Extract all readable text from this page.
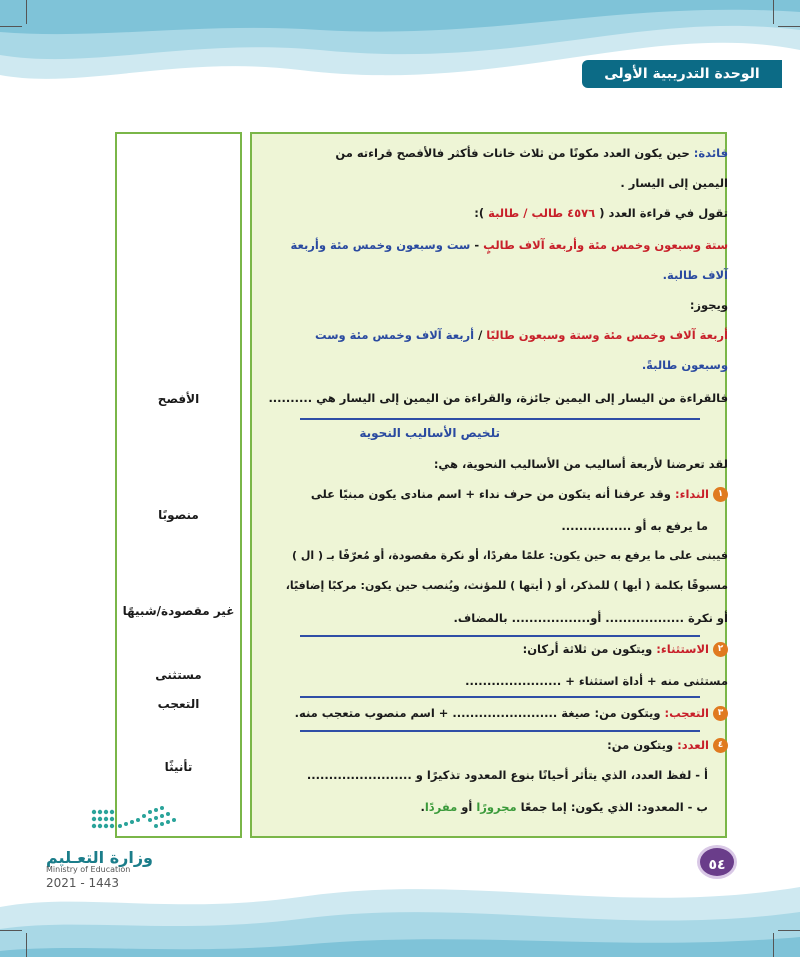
الوحدة التدريبية الأولى
فائدة: حين يكون العدد مكونًا من ثلاث خانات فأكثر فالأفصح قراءته من
اليمين إلى اليسار .
تقول في قراءة العدد ( ٤٥٧٦ طالب / طالبة ):
ستة وسبعون وخمس مئة وأربعة آلاف طالبٍ - ست وسبعون وخمس مئة وأربعة
آلاف طالبة.
ويجوز:
أربعة آلاف وخمس مئة وستة وسبعون طالبًا / أربعة آلاف وخمس مئة وست
وسبعون طالبةً.
فالقراءة من اليسار إلى اليمين جائزة، والقراءة من اليمين إلى اليسار هي ..........
تلخيص الأساليب النحوية
لقد تعرضنا لأربعة أساليب من الأساليب النحوية، هي:
١النداء: وقد عرفنا أنه يتكون من حرف نداء + اسم منادى يكون مبنيًا على
ما يرفع به أو ................
فيبنى على ما يرفع به حين يكون: علمًا مفردًا، أو نكرة مقصودة، أو مُعرّفًا بـ ( ال )
مسبوقًا بكلمة ( أيها ) للمذكر، أو ( أيتها ) للمؤنث، ويُنصب حين يكون: مركبًا إضافيًا،
أو نكرة .................. أو.................. بالمضاف.
٢الاستثناء: ويتكون من ثلاثة أركان:
مستثنى منه + أداة استثناء + ......................
٣التعجب: ويتكون من: صيغة ........................ + اسم منصوب متعجب منه.
٤العدد: ويتكون من:
أ - لفظ العدد، الذي يتأثر أحيانًا بنوع المعدود تذكيرًا و ........................
ب - المعدود: الذي يكون: إما جمعًا مجرورًا أو مفردًا.
الأفصح
منصوبًا
غير مقصودة/شبيهًا
مستثنى
التعجب
تأنيثًا
وزارة التعـليم
Ministry of Education
2021 - 1443
٥٤
